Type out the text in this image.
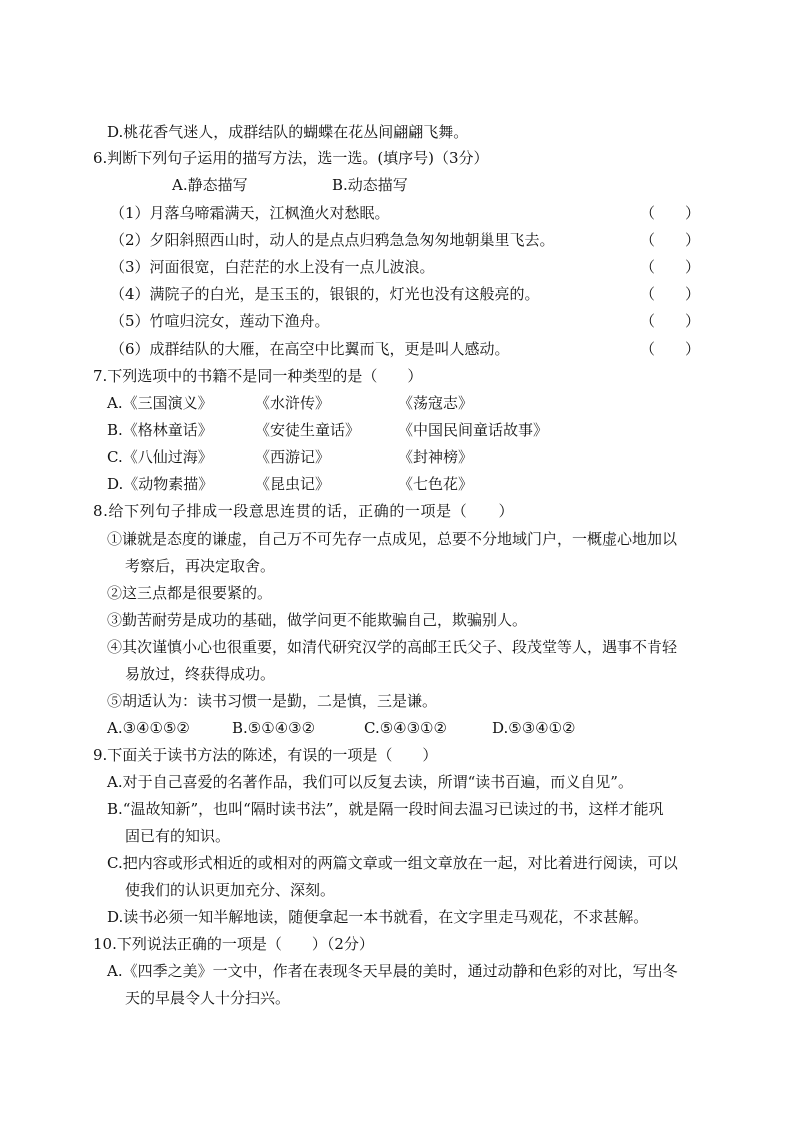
D.桃花香气迷人，成群结队的蝴蝶在花丛间翩翩飞舞。
6.判断下列句子运用的描写方法，选一选。(填序号)（3分）
A.静态描写	B.动态描写
（1）月落乌啼霜满天，江枫渔火对愁眠。	（　　）
（2）夕阳斜照西山时，动人的是点点归鸦急急匆匆地朝巢里飞去。	（　　）
（3）河面很宽，白茫茫的水上没有一点儿波浪。	（　　）
（4）满院子的白光，是玉玉的，银银的，灯光也没有这般亮的。	（　　）
（5）竹喧归浣女，莲动下渔舟。	（　　）
（6）成群结队的大雁，在高空中比翼而飞，更是叫人感动。	（　　）
7.下列选项中的书籍不是同一种类型的是（　　）
A.《三国演义》	《水浒传》	《荡寇志》
B.《格林童话》	《安徒生童话》	《中国民间童话故事》
C.《八仙过海》	《西游记》	《封神榜》
D.《动物素描》	《昆虫记》	《七色花》
8.给下列句子排成一段意思连贯的话，正确的一项是（　　）
①谦就是态度的谦虚，自己万不可先存一点成见，总要不分地域门户，一概虚心地加以
考察后，再决定取舍。
②这三点都是很要紧的。
③勤苦耐劳是成功的基础，做学问更不能欺骗自己，欺骗别人。
④其次谨慎小心也很重要，如清代研究汉学的高邮王氏父子、段茂堂等人，遇事不肯轻
易放过，终获得成功。
⑤胡适认为：读书习惯一是勤，二是慎，三是谦。
A.③④①⑤②	B.⑤①④③②	C.⑤④③①②	D.⑤③④①②
9.下面关于读书方法的陈述，有误的一项是（　　）
A.对于自己喜爱的名著作品，我们可以反复去读，所谓“读书百遍，而义自见”。
B.“温故知新”，也叫“隔时读书法”，就是隔一段时间去温习已读过的书，这样才能巩
固已有的知识。
C.把内容或形式相近的或相对的两篇文章或一组文章放在一起，对比着进行阅读，可以
使我们的认识更加充分、深刻。
D.读书必须一知半解地读，随便拿起一本书就看，在文字里走马观花，不求甚解。
10.下列说法正确的一项是（　　）（2分）
A.《四季之美》一文中，作者在表现冬天早晨的美时，通过动静和色彩的对比，写出冬
天的早晨令人十分扫兴。
